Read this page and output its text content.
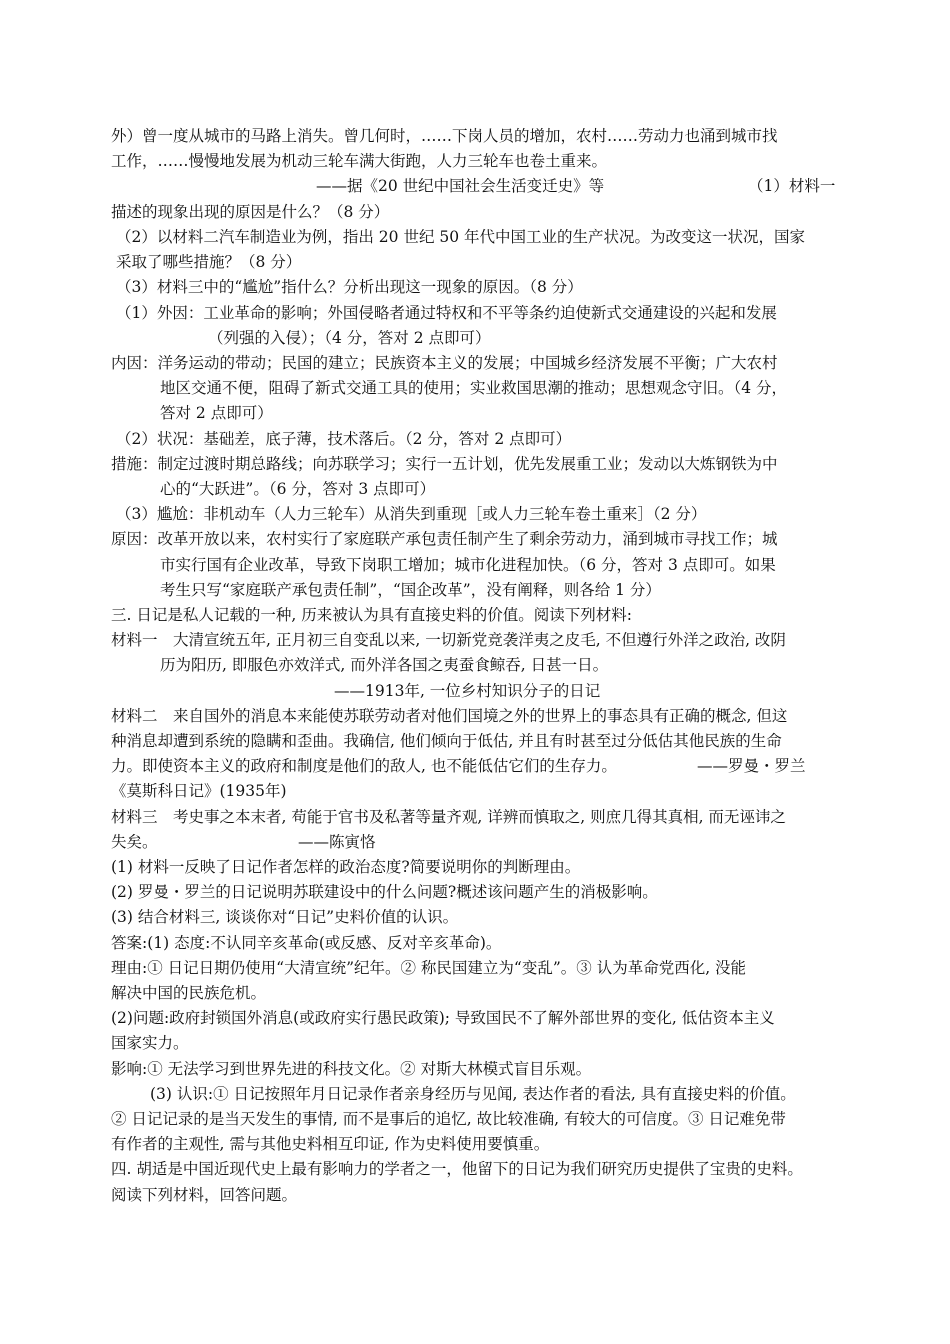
外）曾一度从城市的马路上消失。曾几何时，……下岗人员的增加，农村……劳动力也涌到城市找
工作，……慢慢地发展为机动三轮车满大街跑，人力三轮车也卷土重来。
——据《20 世纪中国社会生活变迁史》等	（1）材料一
描述的现象出现的原因是什么？（8 分）
（2）以材料二汽车制造业为例，指出 20 世纪 50 年代中国工业的生产状况。为改变这一状况，国家
采取了哪些措施？（8 分）
（3）材料三中的“尴尬”指什么？分析出现这一现象的原因。（8 分）
（1）外因：工业革命的影响；外国侵略者通过特权和不平等条约迫使新式交通建设的兴起和发展
（列强的入侵）；（4 分，答对 2 点即可）
内因：洋务运动的带动；民国的建立；民族资本主义的发展；中国城乡经济发展不平衡；广大农村
地区交通不便，阻碍了新式交通工具的使用；实业救国思潮的推动；思想观念守旧。（4 分，
答对 2 点即可）
（2）状况：基础差，底子薄，技术落后。（2 分，答对 2 点即可）
措施：制定过渡时期总路线；向苏联学习；实行一五计划，优先发展重工业；发动以大炼钢铁为中
心的“大跃进”。（6 分，答对 3 点即可）
（3）尴尬：非机动车（人力三轮车）从消失到重现［或人力三轮车卷土重来］（2 分）
原因：改革开放以来，农村实行了家庭联产承包责任制产生了剩余劳动力，涌到城市寻找工作；城
市实行国有企业改革，导致下岗职工增加；城市化进程加快。（6 分，答对 3 点即可。如果
考生只写“家庭联产承包责任制”，“国企改革”，没有阐释，则各给 1 分）
三. 日记是私人记载的一种, 历来被认为具有直接史料的价值。阅读下列材料:
材料一　大清宣统五年, 正月初三自变乱以来, 一切新党竞袭洋夷之皮毛, 不但遵行外洋之政治, 改阴
历为阳历, 即服色亦效洋式, 而外洋各国之夷蚕食鲸吞, 日甚一日。
——1913年, 一位乡村知识分子的日记
材料二　来自国外的消息本来能使苏联劳动者对他们国境之外的世界上的事态具有正确的概念, 但这
种消息却遭到系统的隐瞒和歪曲。我确信, 他们倾向于低估, 并且有时甚至过分低估其他民族的生命
力。即使资本主义的政府和制度是他们的敌人, 也不能低估它们的生存力。	——罗曼・罗兰
《莫斯科日记》(1935年)
材料三　考史事之本末者, 苟能于官书及私著等量齐观, 详辨而慎取之, 则庶几得其真相, 而无诬讳之
失矣。	——陈寅恪
(1) 材料一反映了日记作者怎样的政治态度?简要说明你的判断理由。
(2) 罗曼・罗兰的日记说明苏联建设中的什么问题?概述该问题产生的消极影响。
(3) 结合材料三, 谈谈你对“日记”史料价值的认识。
答案:(1) 态度:不认同辛亥革命(或反感、反对辛亥革命)。
理由:① 日记日期仍使用“大清宣统”纪年。② 称民国建立为“变乱”。③ 认为革命党西化, 没能
解决中国的民族危机。
(2)问题:政府封锁国外消息(或政府实行愚民政策); 导致国民不了解外部世界的变化, 低估资本主义
国家实力。
影响:① 无法学习到世界先进的科技文化。② 对斯大林模式盲目乐观。
(3) 认识:① 日记按照年月日记录作者亲身经历与见闻, 表达作者的看法, 具有直接史料的价值。
② 日记记录的是当天发生的事情, 而不是事后的追忆, 故比较准确, 有较大的可信度。③ 日记难免带
有作者的主观性, 需与其他史料相互印证, 作为史料使用要慎重。
四. 胡适是中国近现代史上最有影响力的学者之一，他留下的日记为我们研究历史提供了宝贵的史料。
阅读下列材料，回答问题。
